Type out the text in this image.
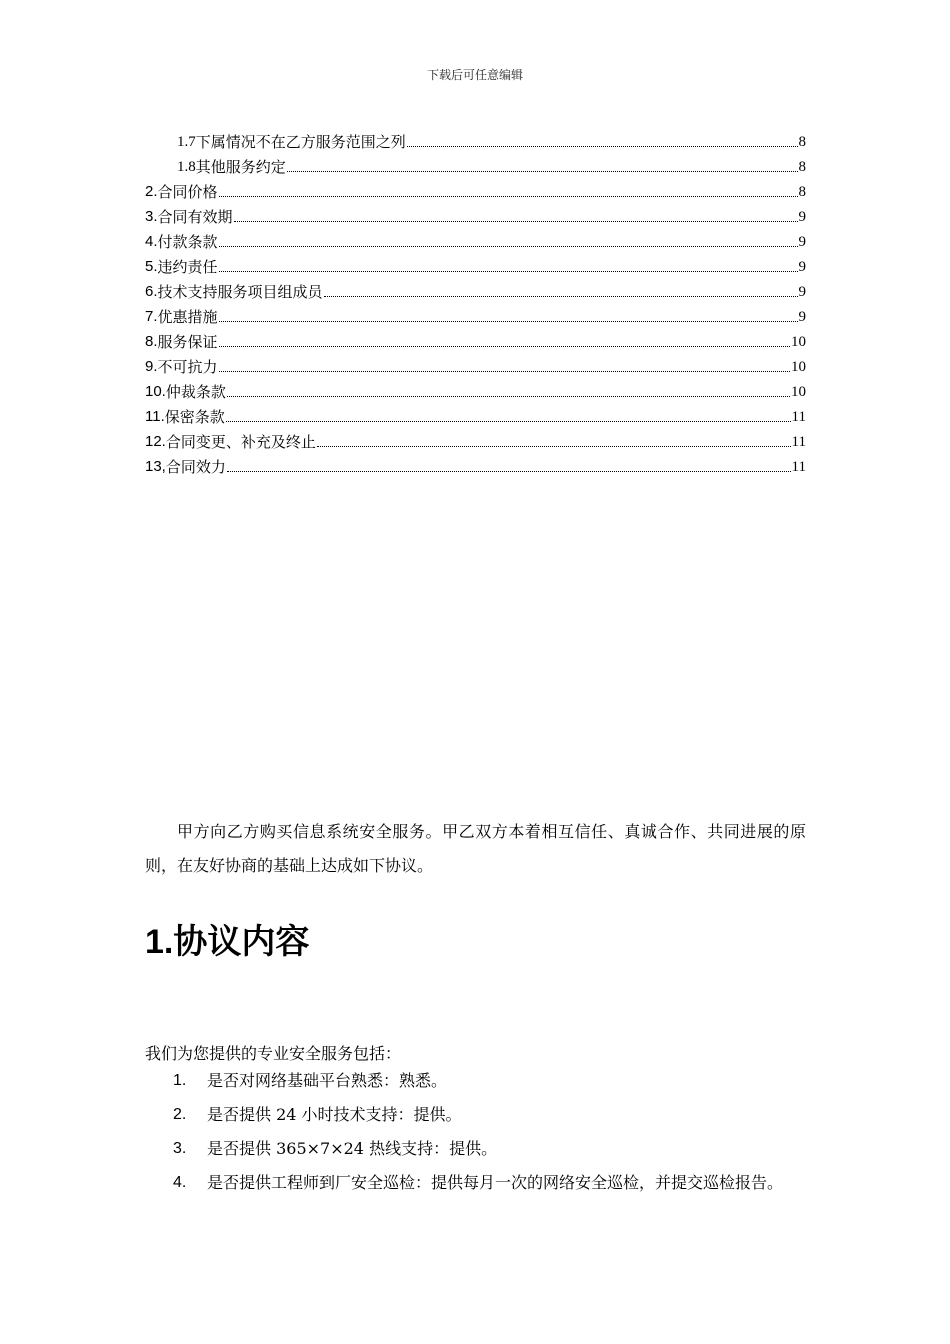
下载后可任意编辑
1.7 下属情况不在乙方服务范围之列	8
1.8 其他服务约定	8
2. 合同价格	8
3. 合同有效期	9
4. 付款条款	9
5. 违约责任	9
6. 技术支持服务项目组成员	9
7. 优惠措施	9
8. 服务保证	10
9. 不可抗力	10
10. 仲裁条款	10
11. 保密条款	11
12. 合同变更、补充及终止	11
13, 合同效力	11

甲方向乙方购买信息系统安全服务。甲乙双方本着相互信任、真诚合作、共同进展的原则，在友好协商的基础上达成如下协议。

1.协议内容
我们为您提供的专业安全服务包括：
1.	是否对网络基础平台熟悉：熟悉。
2.	是否提供 24 小时技术支持：提供。
3.	是否提供 365×7×24 热线支持：提供。
4.	是否提供工程师到厂安全巡检：提供每月一次的网络安全巡检，并提交巡检报告。
